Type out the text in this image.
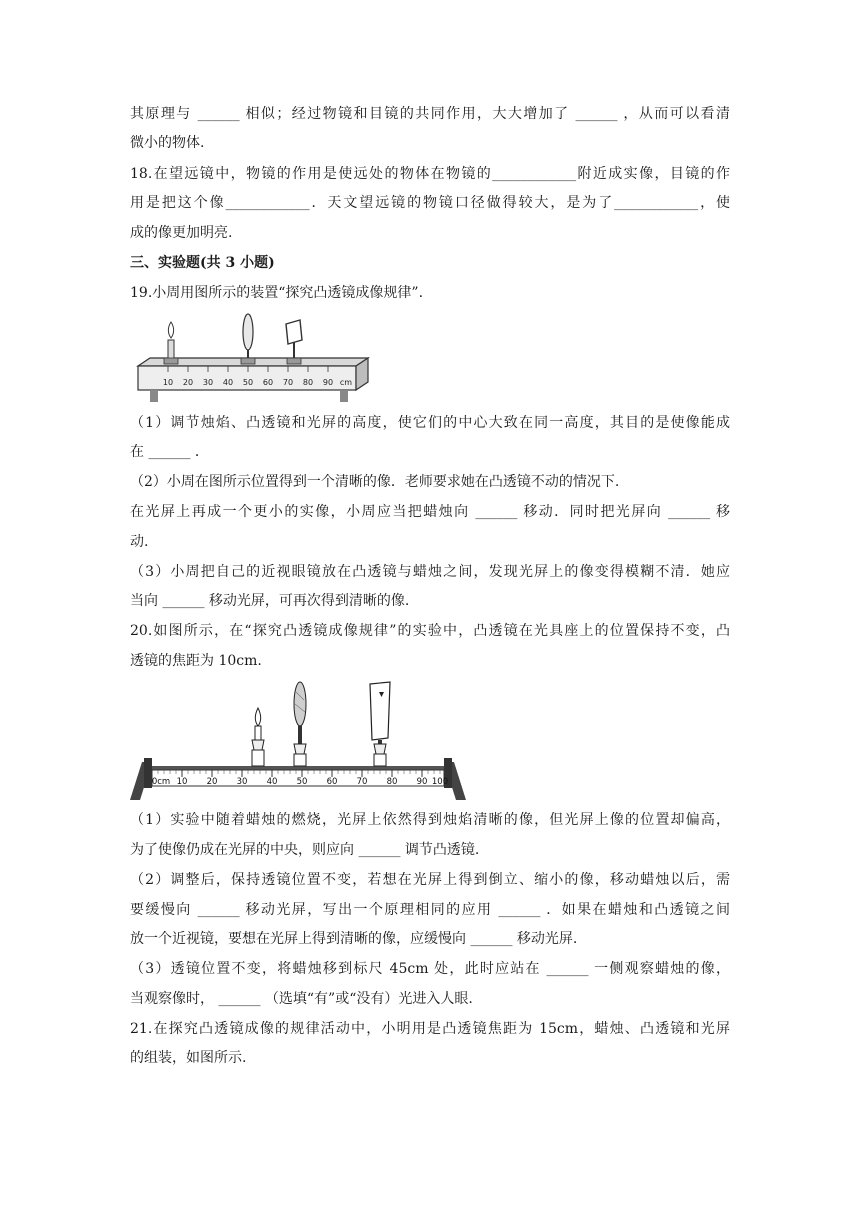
其原理与 ______ 相似；经过物镜和目镜的共同作用，大大增加了 ______ ，从而可以看清
微小的物体.
18.在望远镜中，物镜的作用是使远处的物体在物镜的____________附近成实像，目镜的作
用是把这个像____________．天文望远镜的物镜口径做得较大，是为了____________，使
成的像更加明亮.
三、实验题(共 3 小题)
19.小周用图所示的装置“探究凸透镜成像规律”.
10 20 30 40 50 60 70 80 90 cm
（1）调节烛焰、凸透镜和光屏的高度，使它们的中心大致在同一高度，其目的是使像能成
在 ______ ．
（2）小周在图所示位置得到一个清晰的像．老师要求她在凸透镜不动的情况下.
在光屏上再成一个更小的实像，小周应当把蜡烛向 ______ 移动．同时把光屏向 ______ 移
动.
（3）小周把自己的近视眼镜放在凸透镜与蜡烛之间，发现光屏上的像变得模糊不清．她应
当向 ______ 移动光屏，可再次得到清晰的像.
20.如图所示，在“探究凸透镜成像规律”的实验中，凸透镜在光具座上的位置保持不变，凸
透镜的焦距为 10cm.
0cm 10 20 30 40 50 60 70 80 90 100
（1）实验中随着蜡烛的燃烧，光屏上依然得到烛焰清晰的像，但光屏上像的位置却偏高，
为了使像仍成在光屏的中央，则应向 ______ 调节凸透镜.
（2）调整后，保持透镜位置不变，若想在光屏上得到倒立、缩小的像，移动蜡烛以后，需
要缓慢向 ______ 移动光屏，写出一个原理相同的应用 ______ ．如果在蜡烛和凸透镜之间
放一个近视镜，要想在光屏上得到清晰的像，应缓慢向 ______ 移动光屏.
（3）透镜位置不变，将蜡烛移到标尺 45cm 处，此时应站在 ______ 一侧观察蜡烛的像，
当观察像时， ______ （选填“有”或“没有）光进入人眼.
21.在探究凸透镜成像的规律活动中，小明用是凸透镜焦距为 15cm，蜡烛、凸透镜和光屏
的组装，如图所示.
